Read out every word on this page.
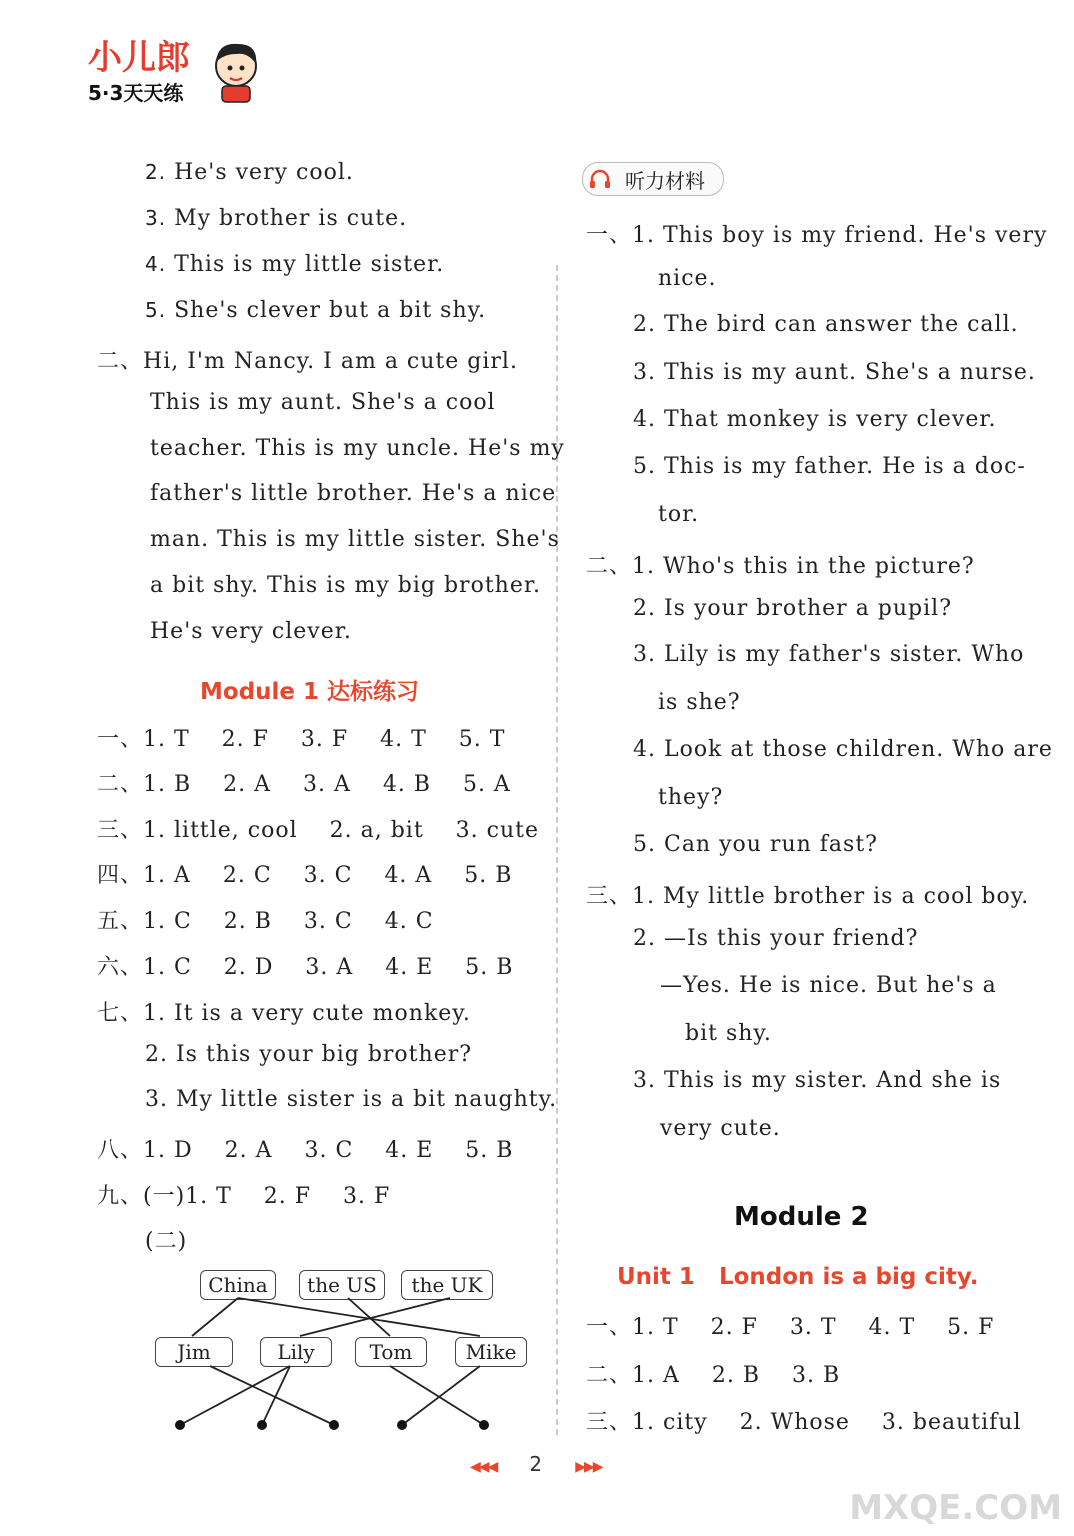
小儿郎
5·3天天练
2. He's very cool.
3. My brother is cute.
4. This is my little sister.
5. She's clever but a bit shy.
二、Hi, I'm Nancy. I am a cute girl.
This is my aunt. She's a cool
teacher. This is my uncle. He's my
father's little brother. He's a nice
man. This is my little sister. She's
a bit shy. This is my big brother.
He's very clever.
Module 1 达标练习
一、1. T    2. F    3. F    4. T    5. T
二、1. B    2. A    3. A    4. B    5. A
三、1. little, cool    2. a, bit    3. cute
四、1. A    2. C    3. C    4. A    5. B
五、1. C    2. B    3. C    4. C
六、1. C    2. D    3. A    4. E    5. B
七、1. It is a very cute monkey.
2. Is this your big brother?
3. My little sister is a bit naughty.
八、1. D    2. A    3. C    4. E    5. B
九、(一)1. T    2. F    3. F
(二)
China	the US	the UK
Jim	Lily	Tom	Mike
听力材料
一、1. This boy is my friend. He's very
nice.
2. The bird can answer the call.
3. This is my aunt. She's a nurse.
4. That monkey is very clever.
5. This is my father. He is a doc-
tor.
二、1. Who's this in the picture?
2. Is your brother a pupil?
3. Lily is my father's sister. Who
is she?
4. Look at those children. Who are
they?
5. Can you run fast?
三、1. My little brother is a cool boy.
2. —Is this your friend?
—Yes. He is nice. But he's a
bit shy.
3. This is my sister. And she is
very cute.
Module 2
Unit 1   London is a big city.
一、1. T    2. F    3. T    4. T    5. F
二、1. A    2. B    3. B
三、1. city    2. Whose    3. beautiful
◀◀◀ 2 ▶▶▶
MXQE.COM
